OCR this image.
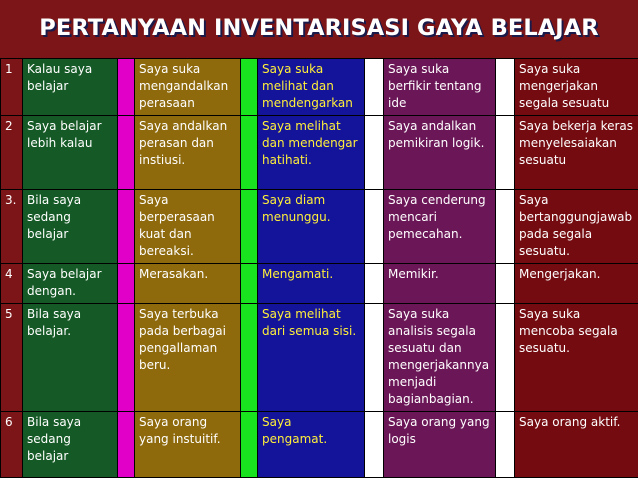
PERTANYAAN INVENTARISASI GAYA BELAJAR
1	Kalau saya belajar		Saya suka mengandalkan perasaan		Saya suka melihat dan mendengarkan		Saya suka berfikir tentang ide		Saya suka mengerjakan segala sesuatu
2	Saya belajar lebih kalau		Saya andalkan perasan dan instiusi.		Saya melihat dan mendengar hatihati.		Saya andalkan pemikiran logik.		Saya bekerja keras menyelesaiakan sesuatu
3.	Bila saya sedang belajar		Saya berperasaan kuat dan bereaksi.		Saya diam menunggu.		Saya cenderung mencari pemecahan.		Saya bertanggungjawab pada segala sesuatu.
4	Saya belajar dengan.		Merasakan.		Mengamati.		Memikir.		Mengerjakan.
5	Bila saya belajar.		Saya terbuka pada berbagai pengallaman beru.		Saya melihat dari semua sisi.		Saya suka analisis segala sesuatu dan mengerjakannya menjadi bagianbagian.		Saya suka mencoba segala sesuatu.
6	Bila saya sedang belajar		Saya orang yang instuitif.		Saya pengamat.		Saya orang yang logis		Saya orang aktif.
